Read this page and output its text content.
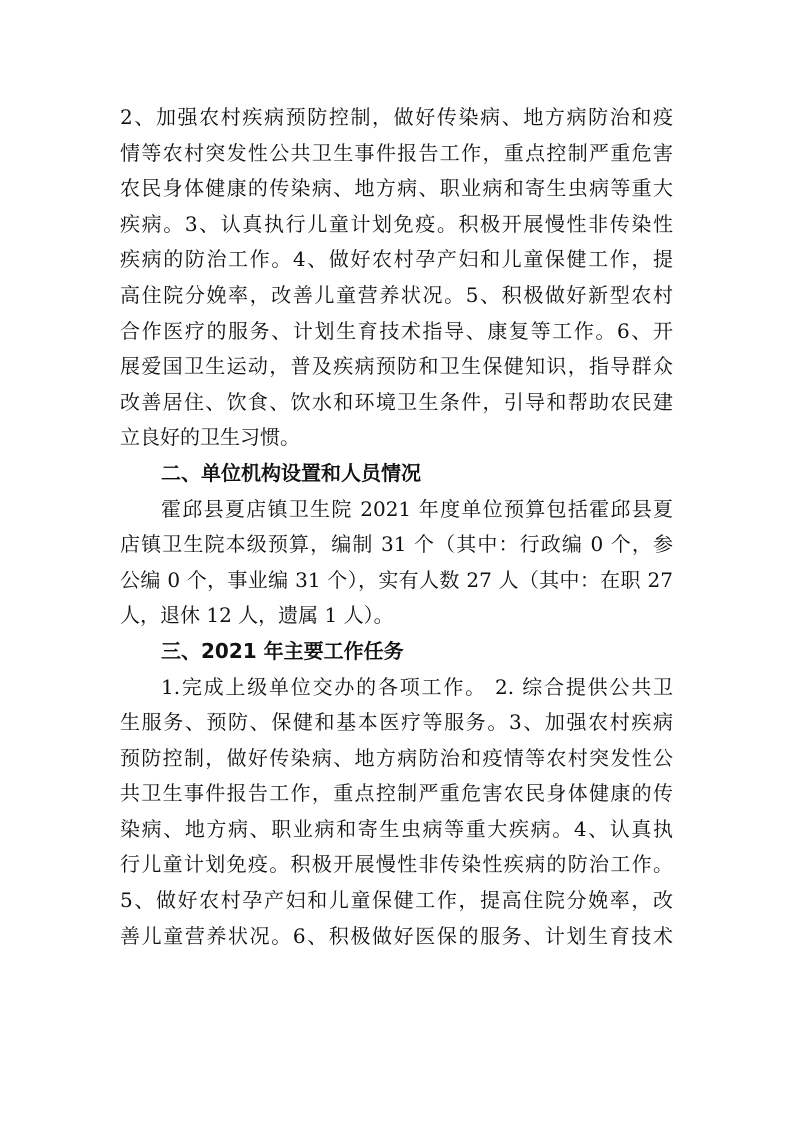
2、加强农村疾病预防控制，做好传染病、地方病防治和疫
情等农村突发性公共卫生事件报告工作，重点控制严重危害
农民身体健康的传染病、地方病、职业病和寄生虫病等重大
疾病。3、认真执行儿童计划免疫。积极开展慢性非传染性
疾病的防治工作。4、做好农村孕产妇和儿童保健工作，提
高住院分娩率，改善儿童营养状况。5、积极做好新型农村
合作医疗的服务、计划生育技术指导、康复等工作。6、开
展爱国卫生运动，普及疾病预防和卫生保健知识，指导群众
改善居住、饮食、饮水和环境卫生条件，引导和帮助农民建
立良好的卫生习惯。
二、单位机构设置和人员情况
霍邱县夏店镇卫生院 2021 年度单位预算包括霍邱县夏
店镇卫生院本级预算，编制 31 个（其中：行政编 0 个，参
公编 0 个，事业编 31 个），实有人数 27 人（其中：在职 27
人，退休 12 人，遗属 1 人）。
三、2021 年主要工作任务
1.完成上级单位交办的各项工作。 2. 综合提供公共卫
生服务、预防、保健和基本医疗等服务。3、加强农村疾病
预防控制，做好传染病、地方病防治和疫情等农村突发性公
共卫生事件报告工作，重点控制严重危害农民身体健康的传
染病、地方病、职业病和寄生虫病等重大疾病。4、认真执
行儿童计划免疫。积极开展慢性非传染性疾病的防治工作。
5、做好农村孕产妇和儿童保健工作，提高住院分娩率，改
善儿童营养状况。6、积极做好医保的服务、计划生育技术
